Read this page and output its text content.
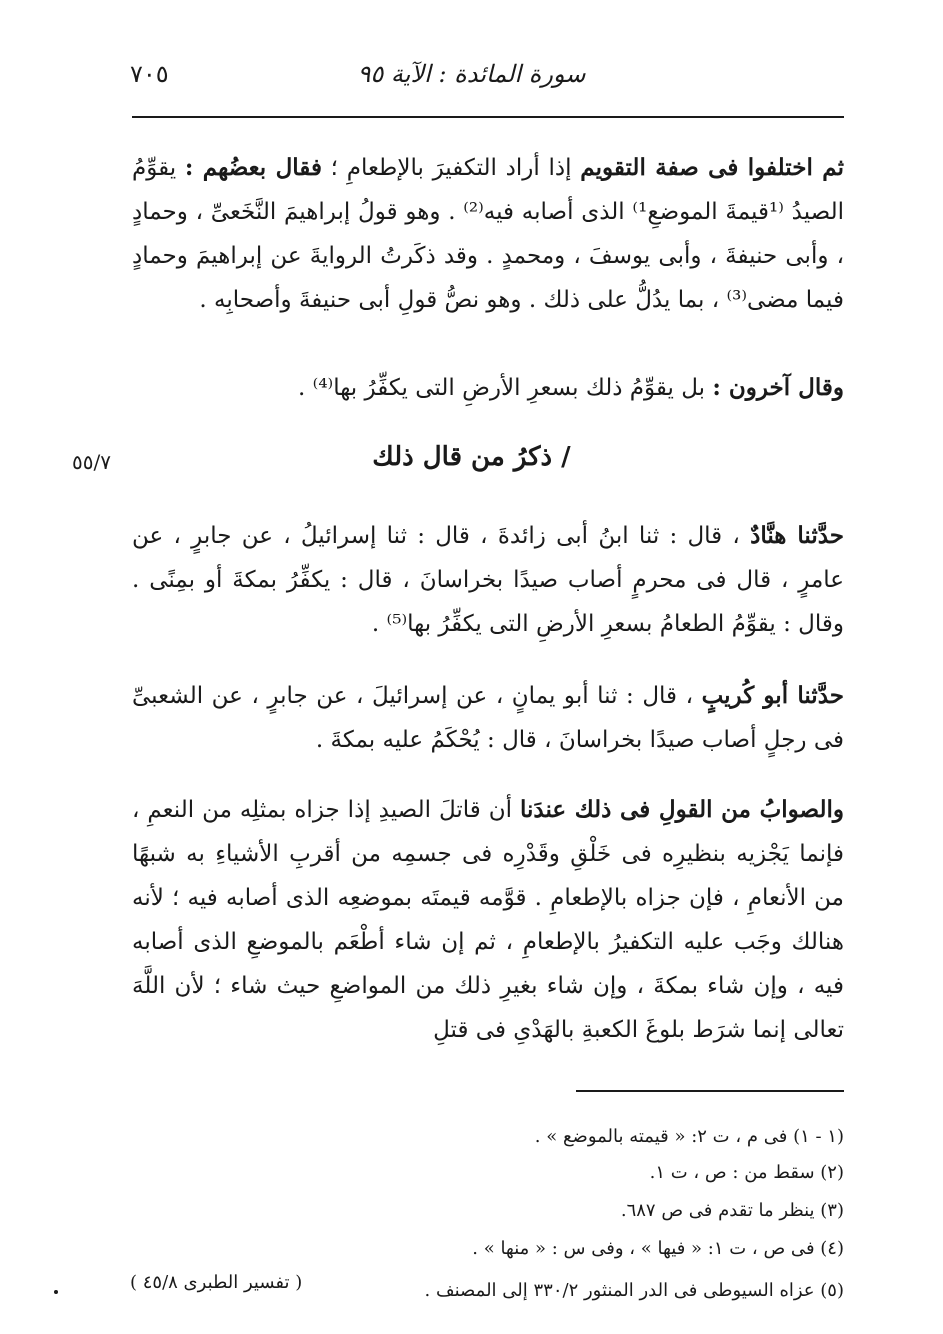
سورة المائدة : الآية ٩٥
٧٠٥
ثم اختلفوا فى صفة التقويم إذا أراد التكفيرَ بالإطعامِ ؛ فقال بعضُهم : يقوِّمُ الصيدُ ⁽¹قيمةَ الموضعِ¹⁾ الذى أصابه فيه⁽²⁾ . وهو قولُ إبراهيمَ النَّخَعىِّ ، وحمادٍ ، وأبى حنيفةَ ، وأبى يوسفَ ، ومحمدٍ . وقد ذكَرتُ الروايةَ عن إبراهيمَ وحمادٍ فيما مضى⁽³⁾ ، بما يدُلُّ على ذلك . وهو نصُّ قولِ أبى حنيفةَ وأصحابِه .
وقال آخرون : بل يقوِّمُ ذلك بسعرِ الأرضِ التى يكفِّرُ بها⁽⁴⁾ .
/ ذكرُ من قال ذلك
٥٥/٧
حدَّثنا هنَّادٌ ، قال : ثنا ابنُ أبى زائدةَ ، قال : ثنا إسرائيلُ ، عن جابرٍ ، عن عامرٍ ، قال فى محرمٍ أصاب صيدًا بخراسانَ ، قال : يكفِّرُ بمكةَ أو بمِنًى . وقال : يقوِّمُ الطعامُ بسعرِ الأرضِ التى يكفِّرُ بها⁽⁵⁾ .
حدَّثنا أبو كُريبٍ ، قال : ثنا أبو يمانٍ ، عن إسرائيلَ ، عن جابرٍ ، عن الشعبىِّ فى رجلٍ أصاب صيدًا بخراسانَ ، قال : يُحْكَمُ عليه بمكةَ .
والصوابُ من القولِ فى ذلك عندَنا أن قاتلَ الصيدِ إذا جزاه بمثلِه من النعمِ ، فإنما يَجْزيه بنظيرِه فى خَلْقِ وقَدْرِه فى جسمِه من أقربِ الأشياءِ به شبهًا من الأنعامِ ، فإن جزاه بالإطعامِ . قوَّمه قيمتَه بموضعِه الذى أصابه فيه ؛ لأنه هنالك وجَب عليه التكفيرُ بالإطعامِ ، ثم إن شاء أطْعَم بالموضعِ الذى أصابه فيه ، وإن شاء بمكةَ ، وإن شاء بغيرِ ذلك من المواضعِ حيث شاء ؛ لأن اللَّهَ تعالى إنما شرَط بلوغَ الكعبةِ بالهَدْىِ فى قتلِ
(١ - ١) فى م ، ت ٢: « قيمته بالموضع » .
(٢) سقط من : ص ، ت ١.
(٣) ينظر ما تقدم فى ص ٦٨٧.
(٤) فى ص ، ت ١: « فيها » ، وفى س : « منها » .
(٥) عزاه السيوطى فى الدر المنثور ٣٣٠/٢ إلى المصنف .
( تفسير الطبرى ٤٥/٨ )
